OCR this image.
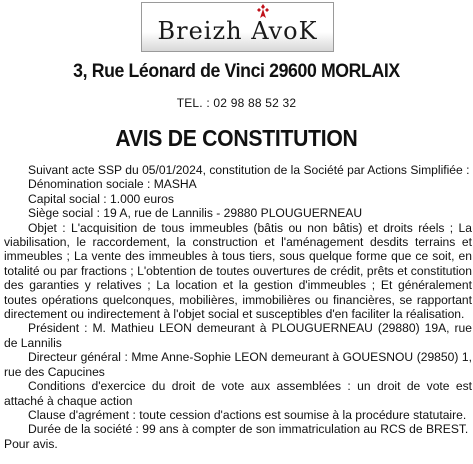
Breizh AvoK
3, Rue Léonard de Vinci 29600 MORLAIX
TEL. : 02 98 88 52 32
AVIS DE CONSTITUTION

Suivant acte SSP du 05/01/2024, constitution de la Société par Actions Simplifiée :

Dénomination sociale : MASHA

Capital social : 1.000 euros

Siège social : 19 A, rue de Lannilis - 29880 PLOUGUERNEAU

Objet : L'acquisition de tous immeubles (bâtis ou non bâtis) et droits réels ; La viabilisation, le raccordement, la construction et l'aménagement desdits terrains et immeubles ; La vente des immeubles à tous tiers, sous quelque forme que ce soit, en totalité ou par fractions ; L'obtention de toutes ouvertures de crédit, prêts et constitution des garanties y relatives ; La location et la gestion d'immeubles ; Et généralement toutes opérations quelconques, mobilières, immobilières ou financières, se rapportant directement ou indirectement à l'objet social et susceptibles d'en faciliter la réalisation.

Président : M. Mathieu LEON demeurant à PLOUGUERNEAU (29880) 19A, rue de Lannilis

Directeur général : Mme Anne-Sophie LEON demeurant à GOUESNOU (29850) 1, rue des Capucines

Conditions d'exercice du droit de vote aux assemblées : un droit de vote est attaché à chaque action

Clause d'agrément : toute cession d'actions est soumise à la procédure statutaire.

Durée de la société : 99 ans à compter de son immatriculation au RCS de BREST.

Pour avis.
